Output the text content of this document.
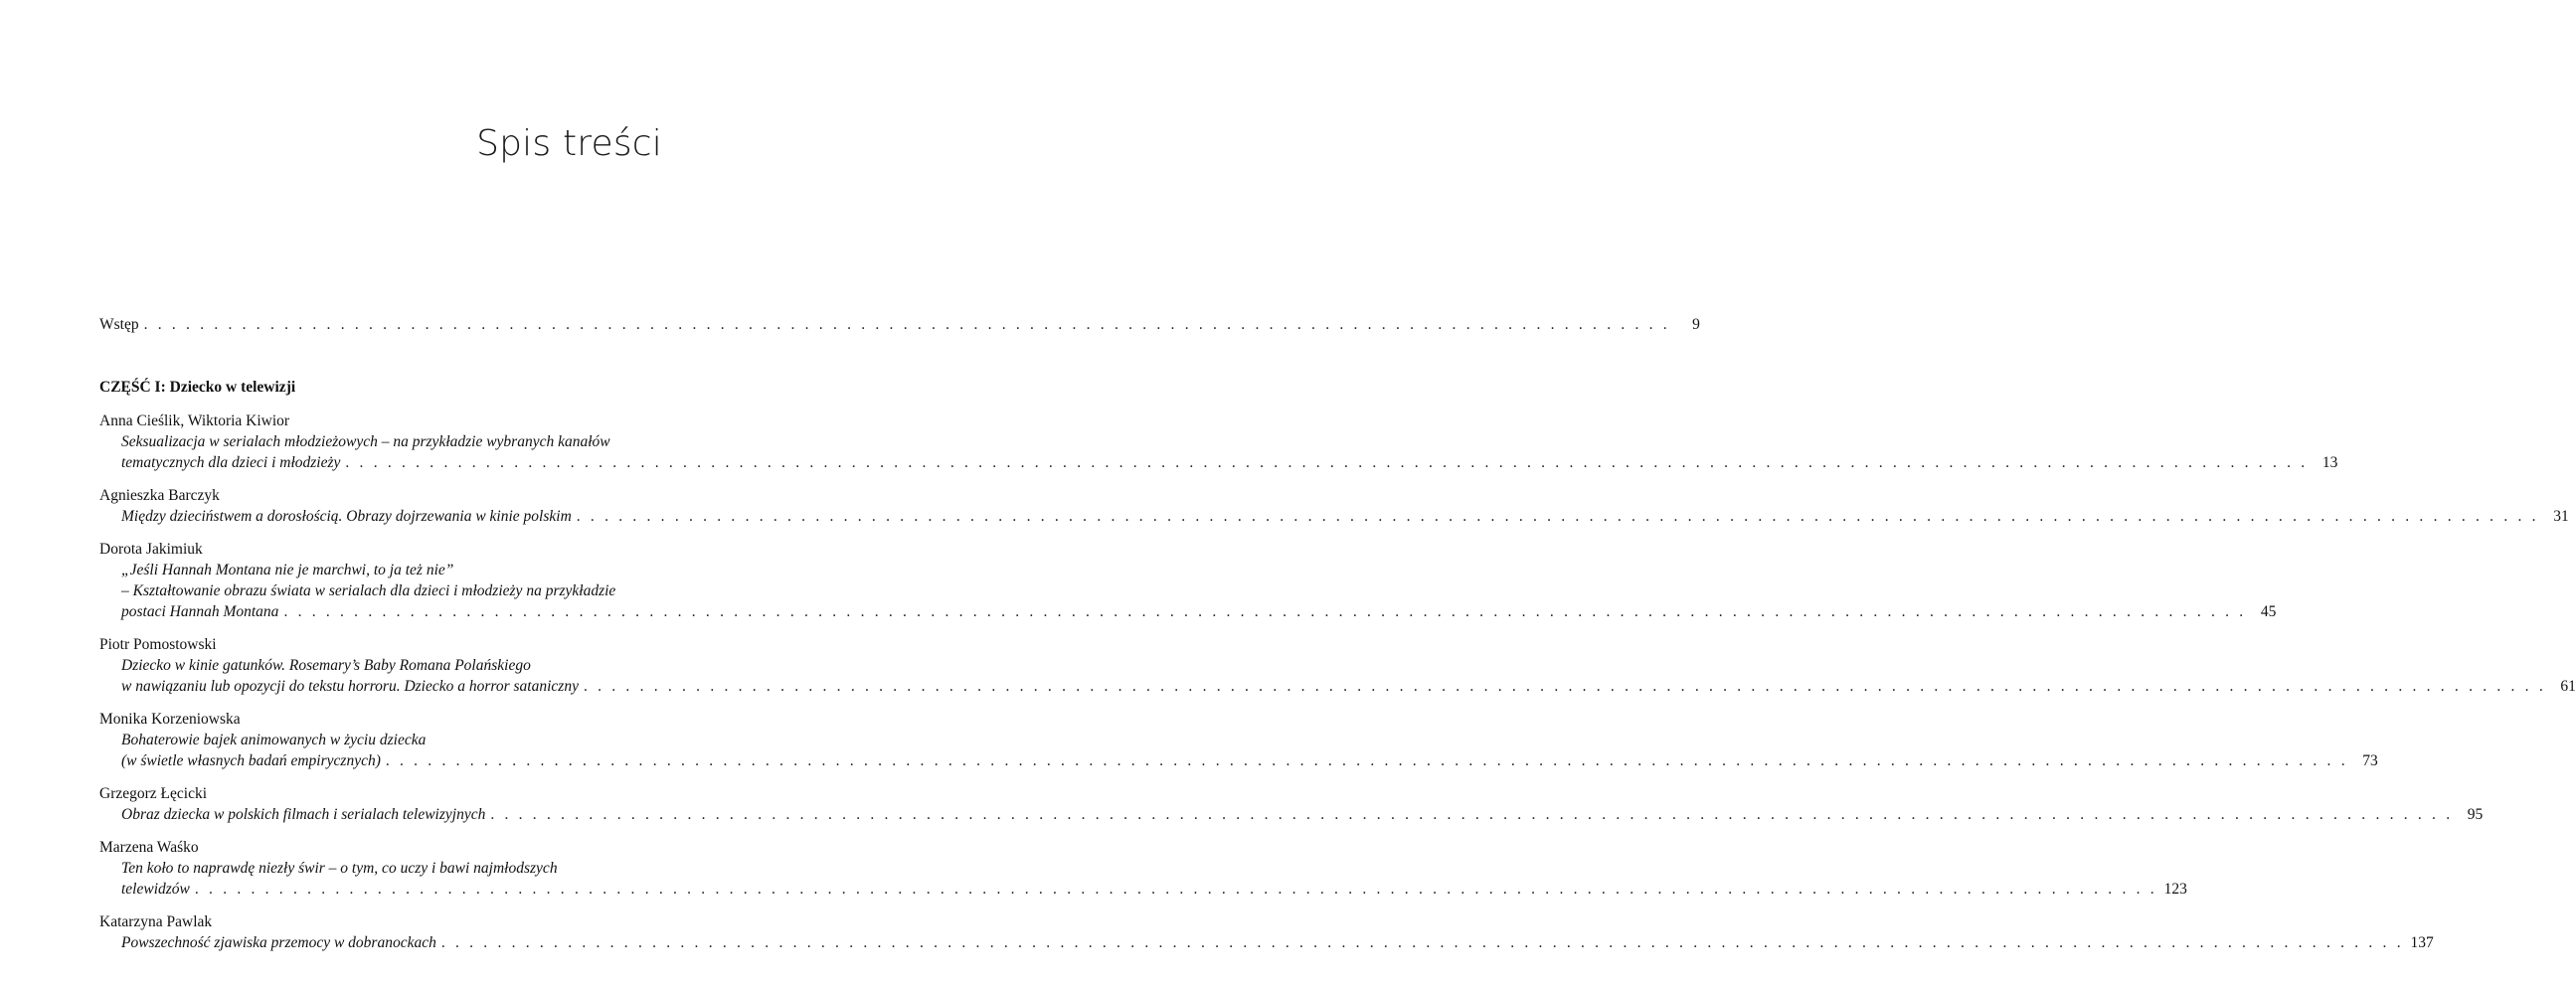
Spis treści
Wstęp . . . . . . . . . . . . . . . . . . . . . . . . . . . . . . . . . . . . . . . . . . . . . . . . . . . . . . . . . . . . . . . . . . . . . . . . . . . . . . . . . . . . . . . . . . . . . . . . . . . . . . . . . . . . .	9
CZĘŚĆ I: Dziecko w telewizji
Anna Cieślik, Wiktoria Kiwior
Seksualizacja w serialach młodzieżowych – na przykładzie wybranych kanałów
tematycznych dla dzieci i młodzieży . . . . . . . . . . . . . . . . . . . . . . . . . . . . . . . . . . . . . . . . . . . . . . . . . . . . . . . . . . . . . . . . . . . . . . . . . . . . . . . . . . . . . . . . . . . . . . . . . . . . . . . . . . . . . . . . . . . . . . . . . . . . . . . . . . . . . . . . . . . . 13
Agnieszka Barczyk
Między dzieciństwem a dorosłością. Obrazy dojrzewania w kinie polskim . . . . . . . . . . . . . . . . . . . . . . . . . . . . . . . . . . . . . . . . . . . . . . . . . . . . . . . . . . . . . . . . . . . . . . . . . . . . . . . . . . . . . . . . . . . . . . . . . . . . . . . . . . . . . . . . . . . . . . . . . . . . . . . . . . . . . . . . . . . . 31
Dorota Jakimiuk
„Jeśli Hannah Montana nie je marchwi, to ja też nie”
– Kształtowanie obrazu świata w serialach dla dzieci i młodzieży na przykładzie
postaci Hannah Montana . . . . . . . . . . . . . . . . . . . . . . . . . . . . . . . . . . . . . . . . . . . . . . . . . . . . . . . . . . . . . . . . . . . . . . . . . . . . . . . . . . . . . . . . . . . . . . . . . . . . . . . . . . . . . . . . . . . . . . . . . . . . . . . . . . . . . . . . . . . . 45
Piotr Pomostowski
Dziecko w kinie gatunków. Rosemary’s Baby Romana Polańskiego
w nawiązaniu lub opozycji do tekstu horroru. Dziecko a horror sataniczny . . . . . . . . . . . . . . . . . . . . . . . . . . . . . . . . . . . . . . . . . . . . . . . . . . . . . . . . . . . . . . . . . . . . . . . . . . . . . . . . . . . . . . . . . . . . . . . . . . . . . . . . . . . . . . . . . . . . . . . . . . . . . . . . . . . . . . . . . . . . 61
Monika Korzeniowska
Bohaterowie bajek animowanych w życiu dziecka
(w świetle własnych badań empirycznych) . . . . . . . . . . . . . . . . . . . . . . . . . . . . . . . . . . . . . . . . . . . . . . . . . . . . . . . . . . . . . . . . . . . . . . . . . . . . . . . . . . . . . . . . . . . . . . . . . . . . . . . . . . . . . . . . . . . . . . . . . . . . . . . . . . . . . . . . . . . . 73
Grzegorz Łęcicki
Obraz dziecka w polskich filmach i serialach telewizyjnych . . . . . . . . . . . . . . . . . . . . . . . . . . . . . . . . . . . . . . . . . . . . . . . . . . . . . . . . . . . . . . . . . . . . . . . . . . . . . . . . . . . . . . . . . . . . . . . . . . . . . . . . . . . . . . . . . . . . . . . . . . . . . . . . . . . . . . . . . . . . 95
Marzena Waśko
Ten koło to naprawdę niezły świr – o tym, co uczy i bawi najmłodszych
telewidzów . . . . . . . . . . . . . . . . . . . . . . . . . . . . . . . . . . . . . . . . . . . . . . . . . . . . . . . . . . . . . . . . . . . . . . . . . . . . . . . . . . . . . . . . . . . . . . . . . . . . . . . . . . . . . . . . . . . . . . . . . . . . . . . . . . . . . . . . . . . . 123
Katarzyna Pawlak
Powszechność zjawiska przemocy w dobranockach . . . . . . . . . . . . . . . . . . . . . . . . . . . . . . . . . . . . . . . . . . . . . . . . . . . . . . . . . . . . . . . . . . . . . . . . . . . . . . . . . . . . . . . . . . . . . . . . . . . . . . . . . . . . . . . . . . . . . . . . . . . . . . . . . . . . . . . . . . . . 137
